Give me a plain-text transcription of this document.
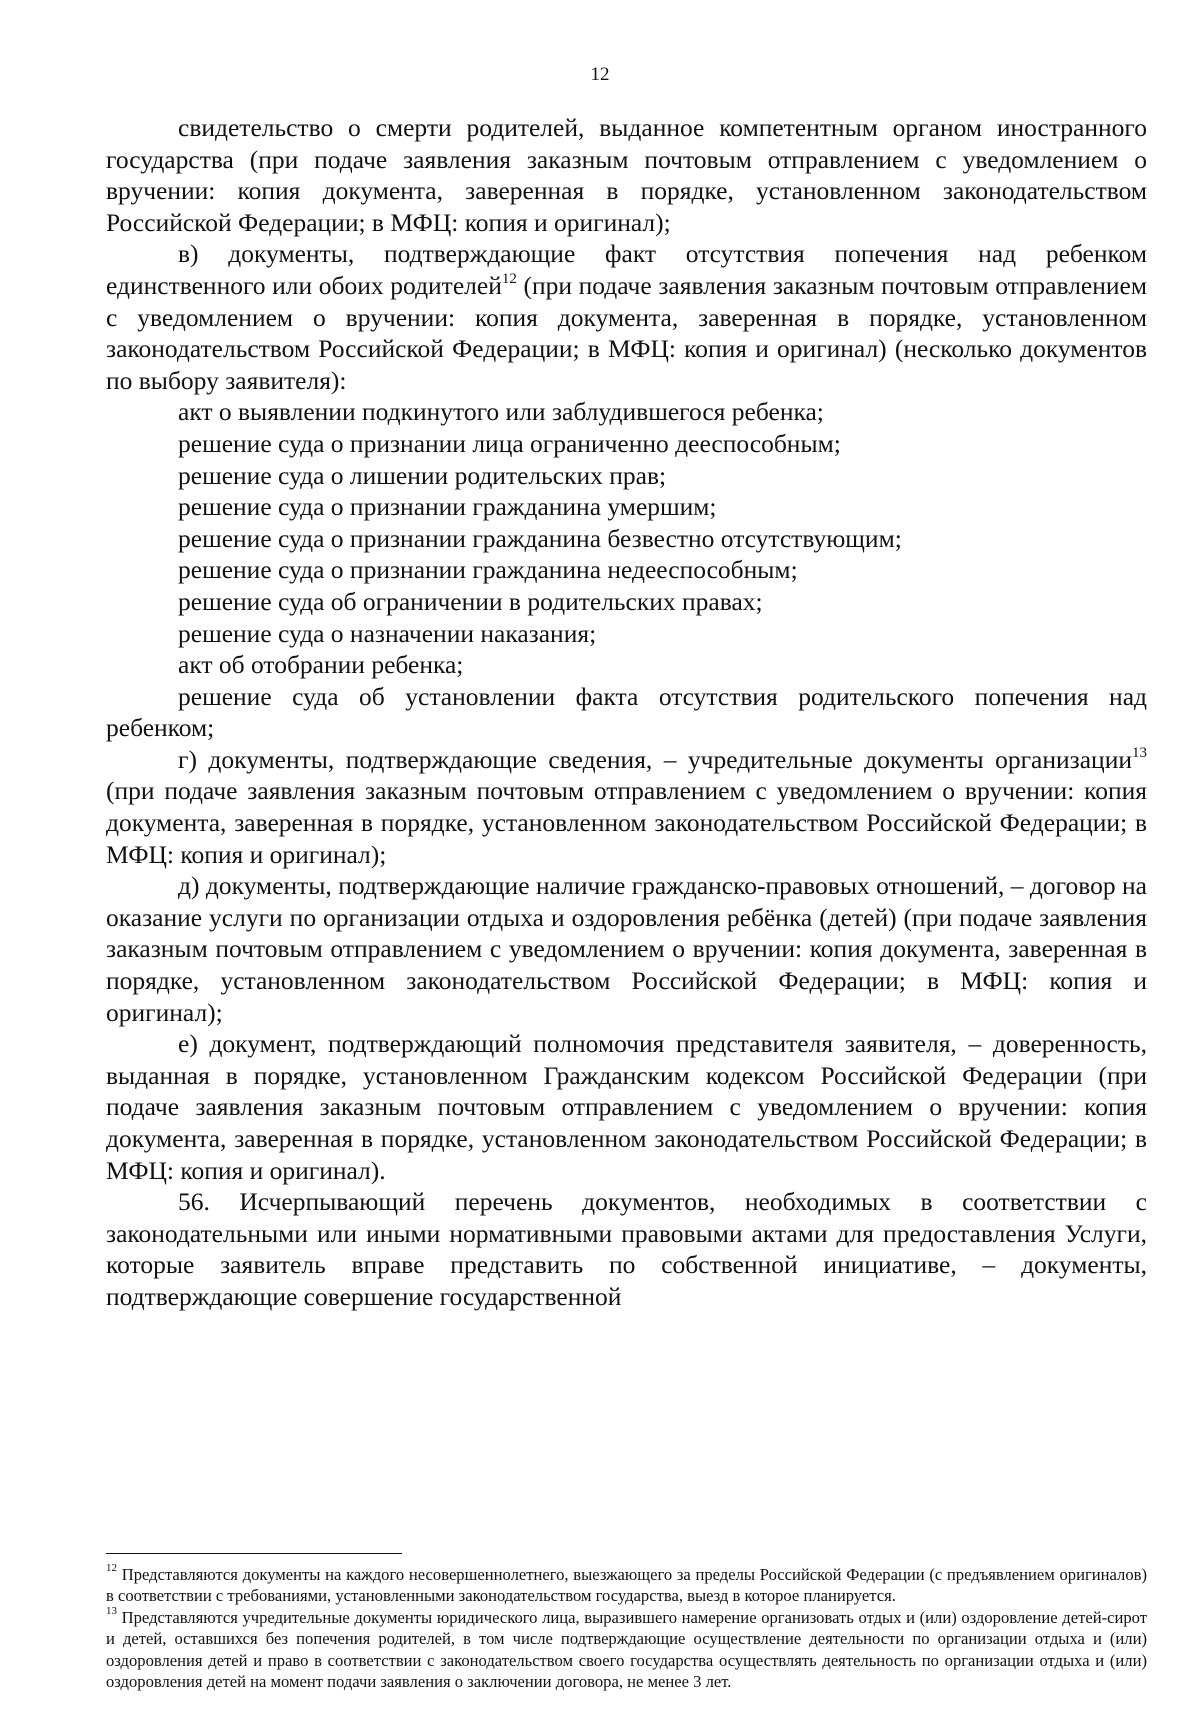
12

свидетельство о смерти родителей, выданное компетентным органом иностранного государства (при подаче заявления заказным почтовым отправлением с уведомлением о вручении: копия документа, заверенная в порядке, установленном законодательством Российской Федерации; в МФЦ: копия и оригинал);

в) документы, подтверждающие факт отсутствия попечения над ребенком единственного или обоих родителей$^{12}$ (при подаче заявления заказным почтовым отправлением с уведомлением о вручении: копия документа, заверенная в порядке, установленном законодательством Российской Федерации; в МФЦ: копия и оригинал) (несколько документов по выбору заявителя):

акт о выявлении подкинутого или заблудившегося ребенка;

решение суда о признании лица ограниченно дееспособным;

решение суда о лишении родительских прав;

решение суда о признании гражданина умершим;

решение суда о признании гражданина безвестно отсутствующим;

решение суда о признании гражданина недееспособным;

решение суда об ограничении в родительских правах;

решение суда о назначении наказания;

акт об отобрании ребенка;

решение суда об установлении факта отсутствия родительского попечения над ребенком;

г) документы, подтверждающие сведения, – учредительные документы организации$^{13}$ (при подаче заявления заказным почтовым отправлением с уведомлением о вручении: копия документа, заверенная в порядке, установленном законодательством Российской Федерации; в МФЦ: копия и оригинал);

д) документы, подтверждающие наличие гражданско-правовых отношений, – договор на оказание услуги по организации отдыха и оздоровления ребёнка (детей) (при подаче заявления заказным почтовым отправлением с уведомлением о вручении: копия документа, заверенная в порядке, установленном законодательством Российской Федерации; в МФЦ: копия и оригинал);

е) документ, подтверждающий полномочия представителя заявителя, – доверенность, выданная в порядке, установленном Гражданским кодексом Российской Федерации (при подаче заявления заказным почтовым отправлением с уведомлением о вручении: копия документа, заверенная в порядке, установленном законодательством Российской Федерации; в МФЦ: копия и оригинал).

56. Исчерпывающий перечень документов, необходимых в соответствии с законодательными или иными нормативными правовыми актами для предоставления Услуги, которые заявитель вправе представить по собственной инициативе, – документы, подтверждающие совершение государственной

$^{12}$ Представляются документы на каждого несовершеннолетнего, выезжающего за пределы Российской Федерации (с предъявлением оригиналов) в соответствии с требованиями, установленными законодательством государства, выезд в которое планируется.

$^{13}$ Представляются учредительные документы юридического лица, выразившего намерение организовать отдых и (или) оздоровление детей-сирот и детей, оставшихся без попечения родителей, в том числе подтверждающие осуществление деятельности по организации отдыха и (или) оздоровления детей и право в соответствии с законодательством своего государства осуществлять деятельность по организации отдыха и (или) оздоровления детей на момент подачи заявления о заключении договора, не менее 3 лет.
